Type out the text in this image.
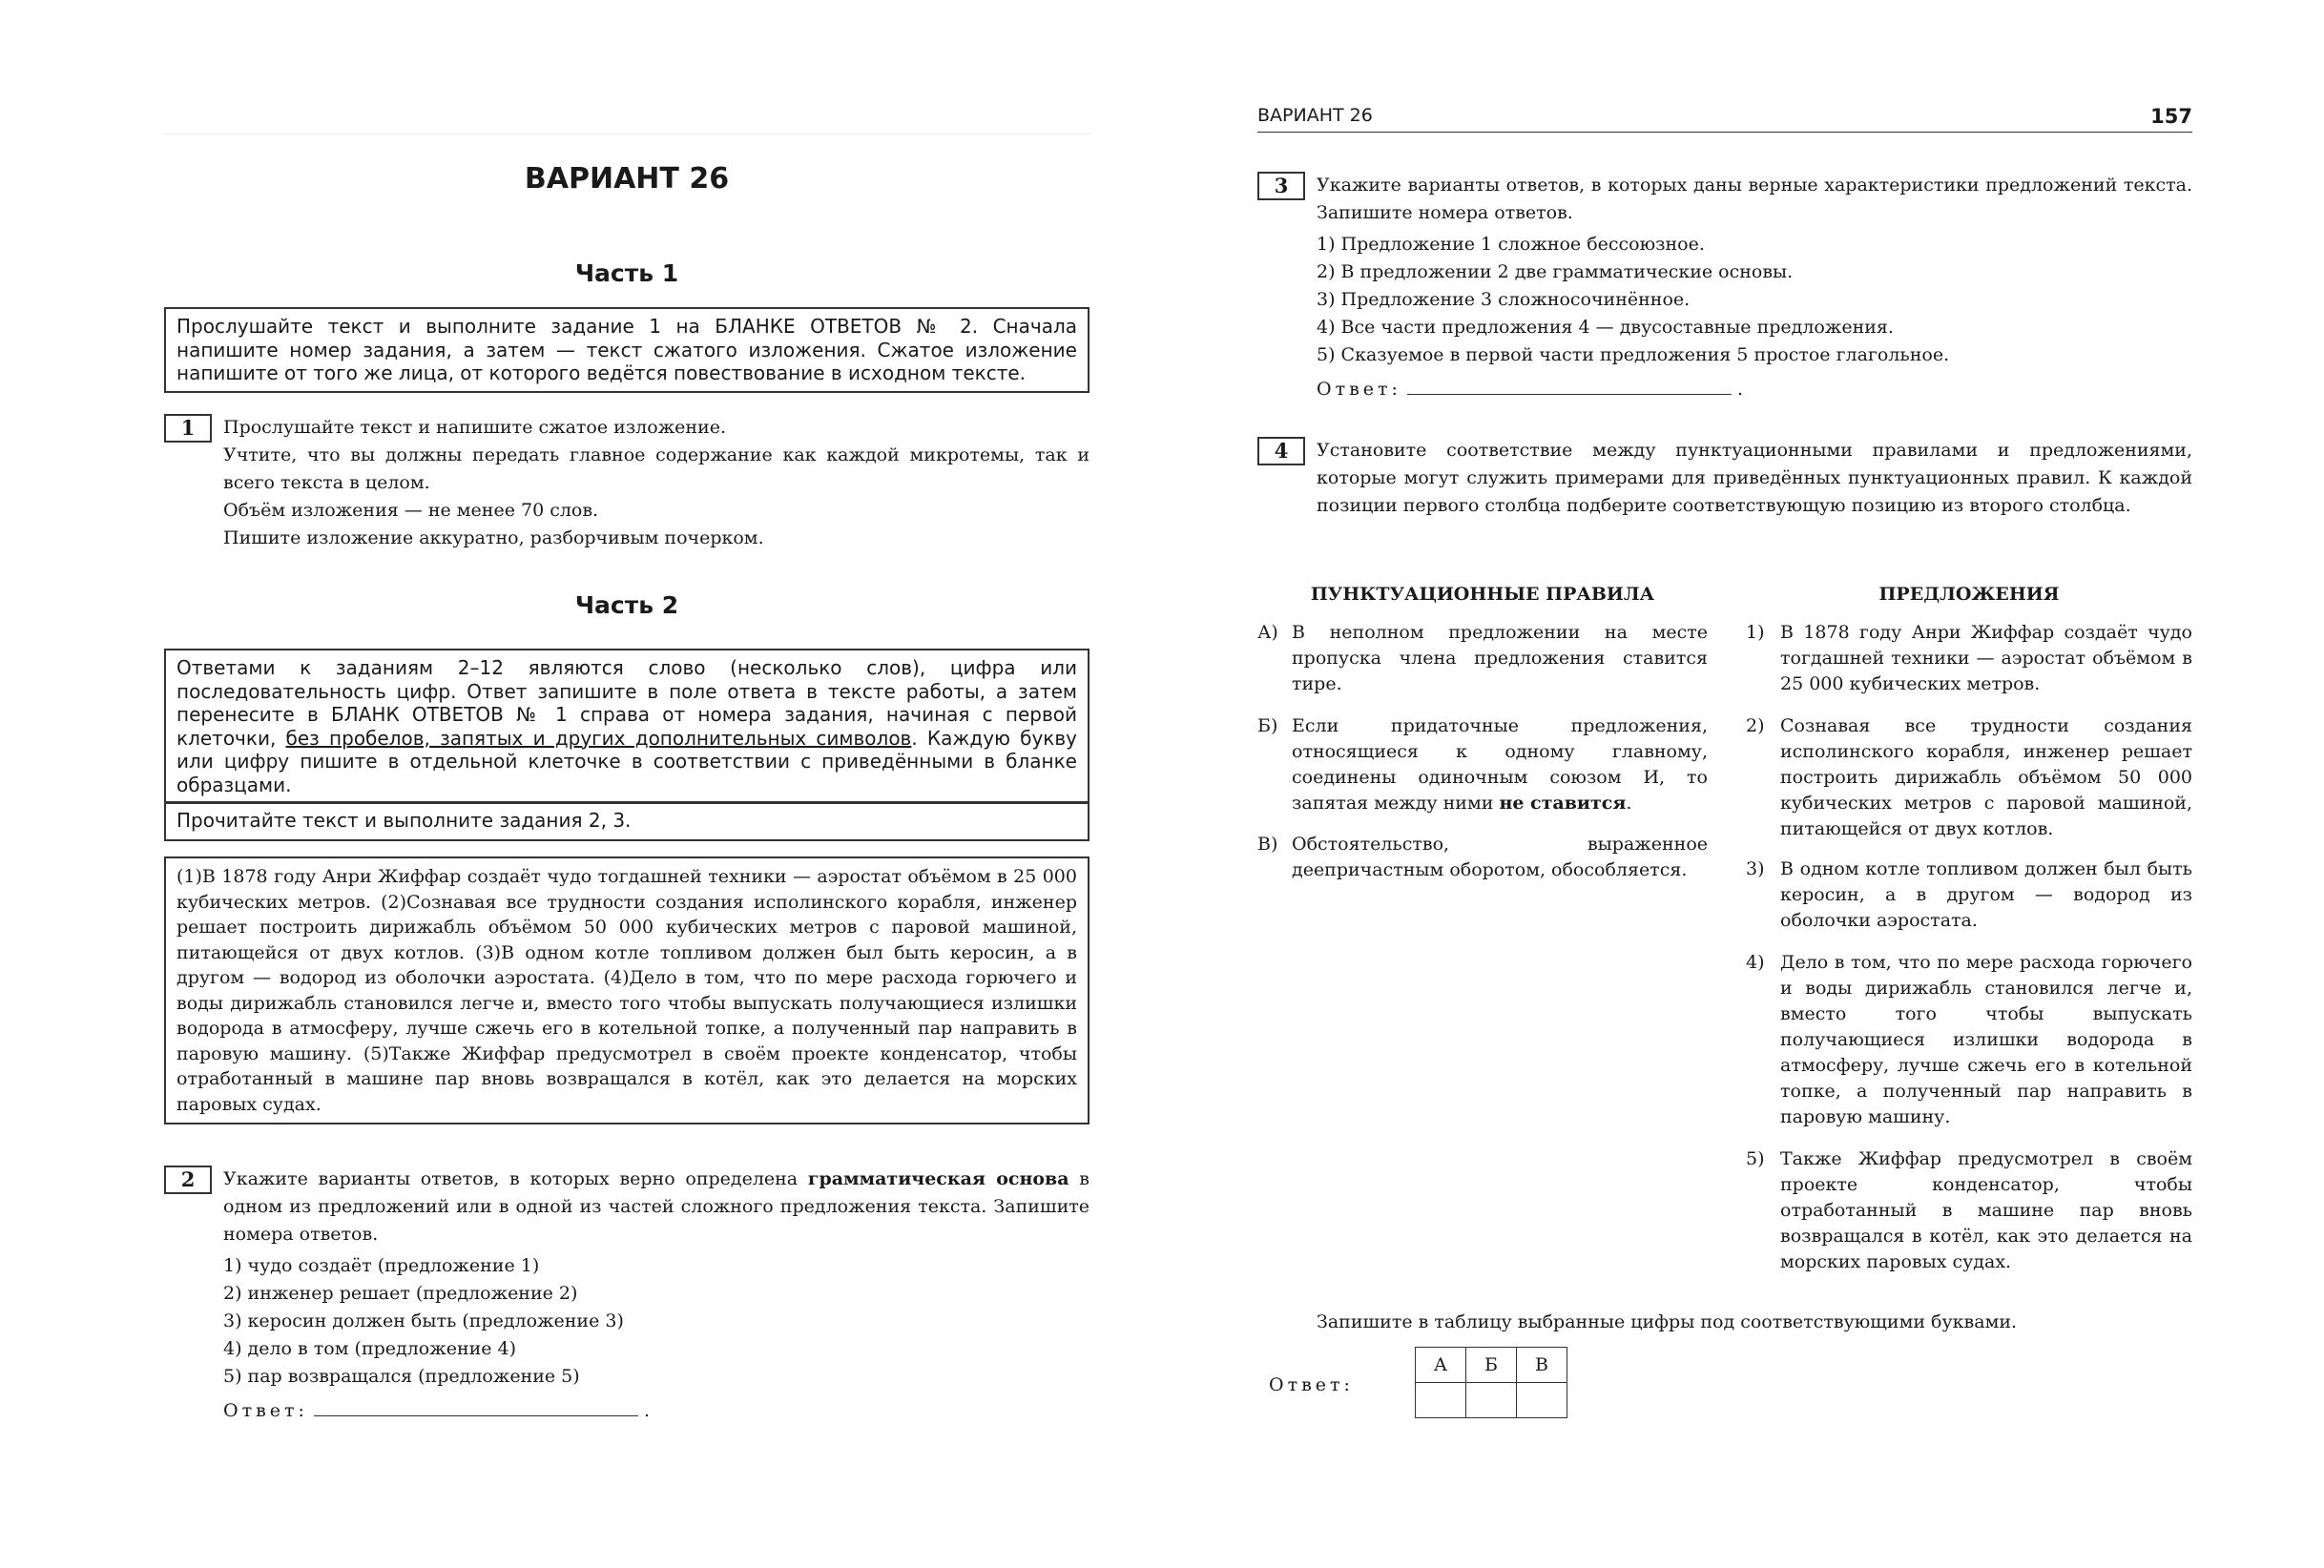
ВАРИАНТ 26
Часть 1
Прослушайте текст и выполните задание 1 на БЛАНКЕ ОТВЕТОВ № 2. Сначала напишите номер задания, а затем — текст сжатого изложения. Сжатое изложение напишите от того же лица, от которого ведётся повествование в исходном тексте.
1	Прослушайте текст и напишите сжатое изложение.

Учтите, что вы должны передать главное содержание как каждой микротемы, так и всего текста в целом.

Объём изложения — не менее 70 слов.

Пишите изложение аккуратно, разборчивым почерком.

Часть 2
Ответами к заданиям 2–12 являются слово (несколько слов), цифра или последовательность цифр. Ответ запишите в поле ответа в тексте работы, а затем перенесите в БЛАНК ОТВЕТОВ № 1 справа от номера задания, начиная с первой клеточки, без пробелов, запятых и других дополнительных символов. Каждую букву или цифру пишите в отдельной клеточке в соответствии с приведёнными в бланке образцами.
Прочитайте текст и выполните задания 2, 3.
(1)В 1878 году Анри Жиффар создаёт чудо тогдашней техники — аэростат объёмом в 25 000 кубических метров. (2)Сознавая все трудности создания исполинского корабля, инженер решает построить дирижабль объёмом 50 000 кубических метров с паровой машиной, питающейся от двух котлов. (3)В одном котле топливом должен был быть керосин, а в другом — водород из оболочки аэростата. (4)Дело в том, что по мере расхода горючего и воды дирижабль становился легче и, вместо того чтобы выпускать получающиеся излишки водорода в атмосферу, лучше сжечь его в котельной топке, а полученный пар направить в паровую машину. (5)Также Жиффар предусмотрел в своём проекте конденсатор, чтобы отработанный в машине пар вновь возвращался в котёл, как это делается на морских паровых судах.
2	Укажите варианты ответов, в которых верно определена грамматическая основа в одном из предложений или в одной из частей сложного предложения текста. Запишите номера ответов.

1) чудо создаёт (предложение 1)

2) инженер решает (предложение 2)

3) керосин должен быть (предложение 3)

4) дело в том (предложение 4)

5) пар возвращался (предложение 5)

Ответ:	.

ВАРИАНТ 26	157
3	Укажите варианты ответов, в которых даны верные характеристики предложений текста. Запишите номера ответов.

1) Предложение 1 сложное бессоюзное.

2) В предложении 2 две грамматические основы.

3) Предложение 3 сложносочинённое.

4) Все части предложения 4 — двусоставные предложения.

5) Сказуемое в первой части предложения 5 простое глагольное.

Ответ:	.

4	Установите соответствие между пунктуационными правилами и предложениями, которые могут служить примерами для приведённых пунктуационных правил. К каждой позиции первого столбца подберите соответствующую позицию из второго столбца.
ПУНКТУАЦИОННЫЕ ПРАВИЛА	ПРЕДЛОЖЕНИЯ
А) В неполном предложении на месте пропуска члена предложения ставится тире.
Б) Если придаточные предложения, относящиеся к одному главному, соединены одиночным союзом И, то запятая между ними не ставится.
В) Обстоятельство, выраженное деепричастным оборотом, обособляется.
1) В 1878 году Анри Жиффар создаёт чудо тогдашней техники — аэростат объёмом в 25 000 кубических метров.
2) Сознавая все трудности создания исполинского корабля, инженер решает построить дирижабль объёмом 50 000 кубических метров с паровой машиной, питающейся от двух котлов.
3) В одном котле топливом должен был быть керосин, а в другом — водород из оболочки аэростата.
4) Дело в том, что по мере расхода горючего и воды дирижабль становился легче и, вместо того чтобы выпускать получающиеся излишки водорода в атмосферу, лучше сжечь его в котельной топке, а полученный пар направить в паровую машину.
5) Также Жиффар предусмотрел в своём проекте конденсатор, чтобы отработанный в машине пар вновь возвращался в котёл, как это делается на морских паровых судах.
Запишите в таблицу выбранные цифры под соответствующими буквами.
Ответ:
А	Б	В
